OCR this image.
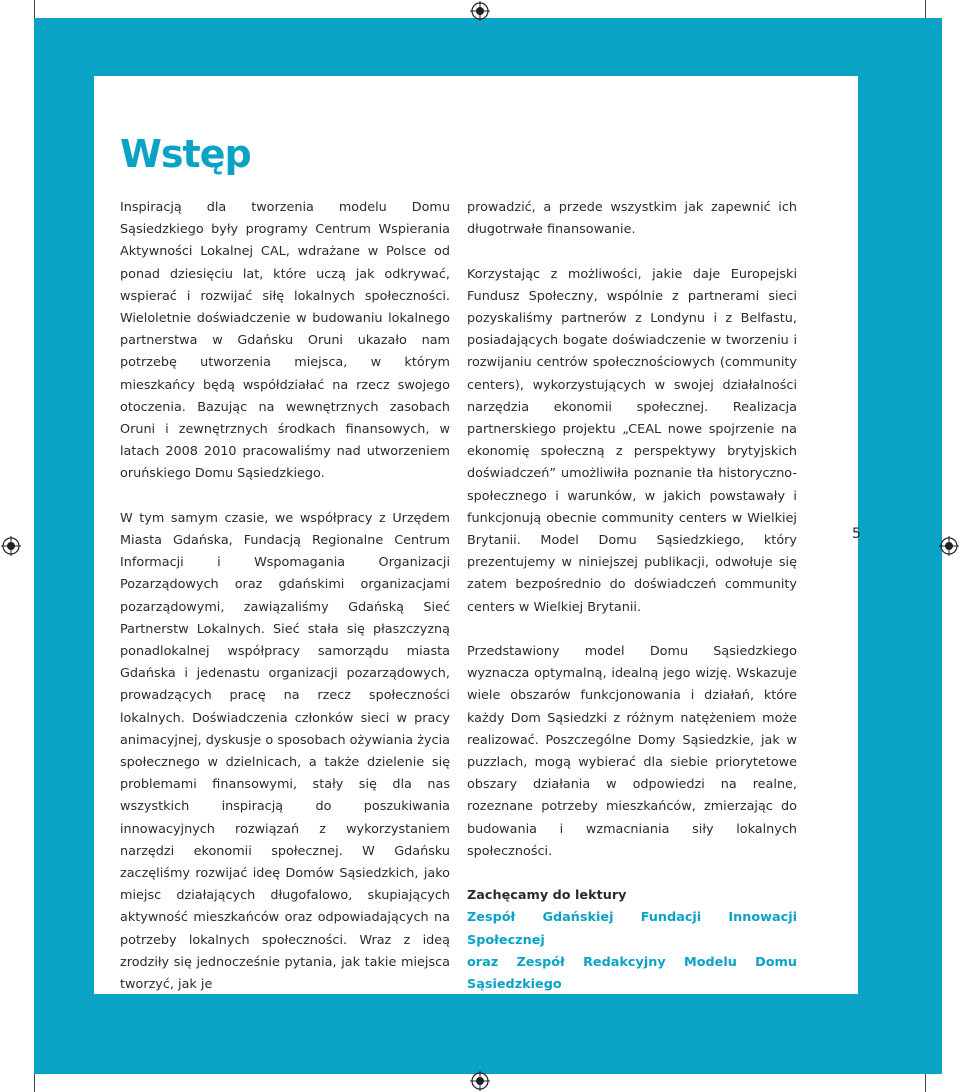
Wstęp

Inspiracją dla tworzenia modelu Domu Sąsiedzkiego były programy Centrum Wspierania Aktywności Lokalnej CAL, wdrażane w Polsce od ponad dziesięciu lat, które uczą jak odkrywać, wspierać i rozwijać siłę lokalnych społeczności. Wieloletnie doświadczenie w budowaniu lokalnego partnerstwa w Gdańsku Oruni ukazało nam potrzebę utworzenia miejsca, w którym mieszkańcy będą współdziałać na rzecz swojego otoczenia. Bazując na wewnętrznych zasobach Oruni i zewnętrznych środkach finansowych, w latach 2008 2010 pracowaliśmy nad utworzeniem oruńskiego Domu Sąsiedzkiego.

W tym samym czasie, we współpracy z Urzędem Miasta Gdańska, Fundacją Regionalne Centrum Informacji i Wspomagania Organizacji Pozarządowych oraz gdańskimi organizacjami pozarządowymi, zawiązaliśmy Gdańską Sieć Partnerstw Lokalnych. Sieć stała się płaszczyzną ponadlokalnej współpracy samorządu miasta Gdańska i jedenastu organizacji pozarządowych, prowadzących pracę na rzecz społeczności lokalnych. Doświadczenia członków sieci w pracy animacyjnej, dyskusje o sposobach ożywiania życia społecznego w dzielnicach, a także dzielenie się problemami finansowymi, stały się dla nas wszystkich inspiracją do poszukiwania innowacyjnych rozwiązań z wykorzystaniem narzędzi ekonomii społecznej. W Gdańsku zaczęliśmy rozwijać ideę Domów Sąsiedzkich, jako miejsc działających długofalowo, skupiających aktywność mieszkańców oraz odpowiadających na potrzeby lokalnych społeczności. Wraz z ideą zrodziły się jednocześnie pytania, jak takie miejsca tworzyć, jak je

prowadzić, a przede wszystkim jak zapewnić ich długotrwałe finansowanie.

Korzystając z możliwości, jakie daje Europejski Fundusz Społeczny, wspólnie z partnerami sieci pozyskaliśmy partnerów z Londynu i z Belfastu, posiadających bogate doświadczenie w tworzeniu i rozwijaniu centrów społecznościowych (community centers), wykorzystujących w swojej działalności narzędzia ekonomii społecznej. Realizacja partnerskiego projektu „CEAL nowe spojrzenie na ekonomię społeczną z perspektywy brytyjskich doświadczeń” umożliwiła poznanie tła historyczno-społecznego i warunków, w jakich powstawały i funkcjonują obecnie community centers w Wielkiej Brytanii. Model Domu Sąsiedzkiego, który prezentujemy w niniejszej publikacji, odwołuje się zatem bezpośrednio do doświadczeń community centers w Wielkiej Brytanii.

Przedstawiony model Domu Sąsiedzkiego wyznacza optymalną, idealną jego wizję. Wskazuje wiele obszarów funkcjonowania i działań, które każdy Dom Sąsiedzki z różnym natężeniem może realizować. Poszczególne Domy Sąsiedzkie, jak w puzzlach, mogą wybierać dla siebie priorytetowe obszary działania w odpowiedzi na realne, rozeznane potrzeby mieszkańców, zmierzając do budowania i wzmacniania siły lokalnych społeczności.

Zachęcamy do lektury
Zespół Gdańskiej Fundacji Innowacji Społecznej
oraz Zespół Redakcyjny Modelu Domu Sąsiedzkiego
5
